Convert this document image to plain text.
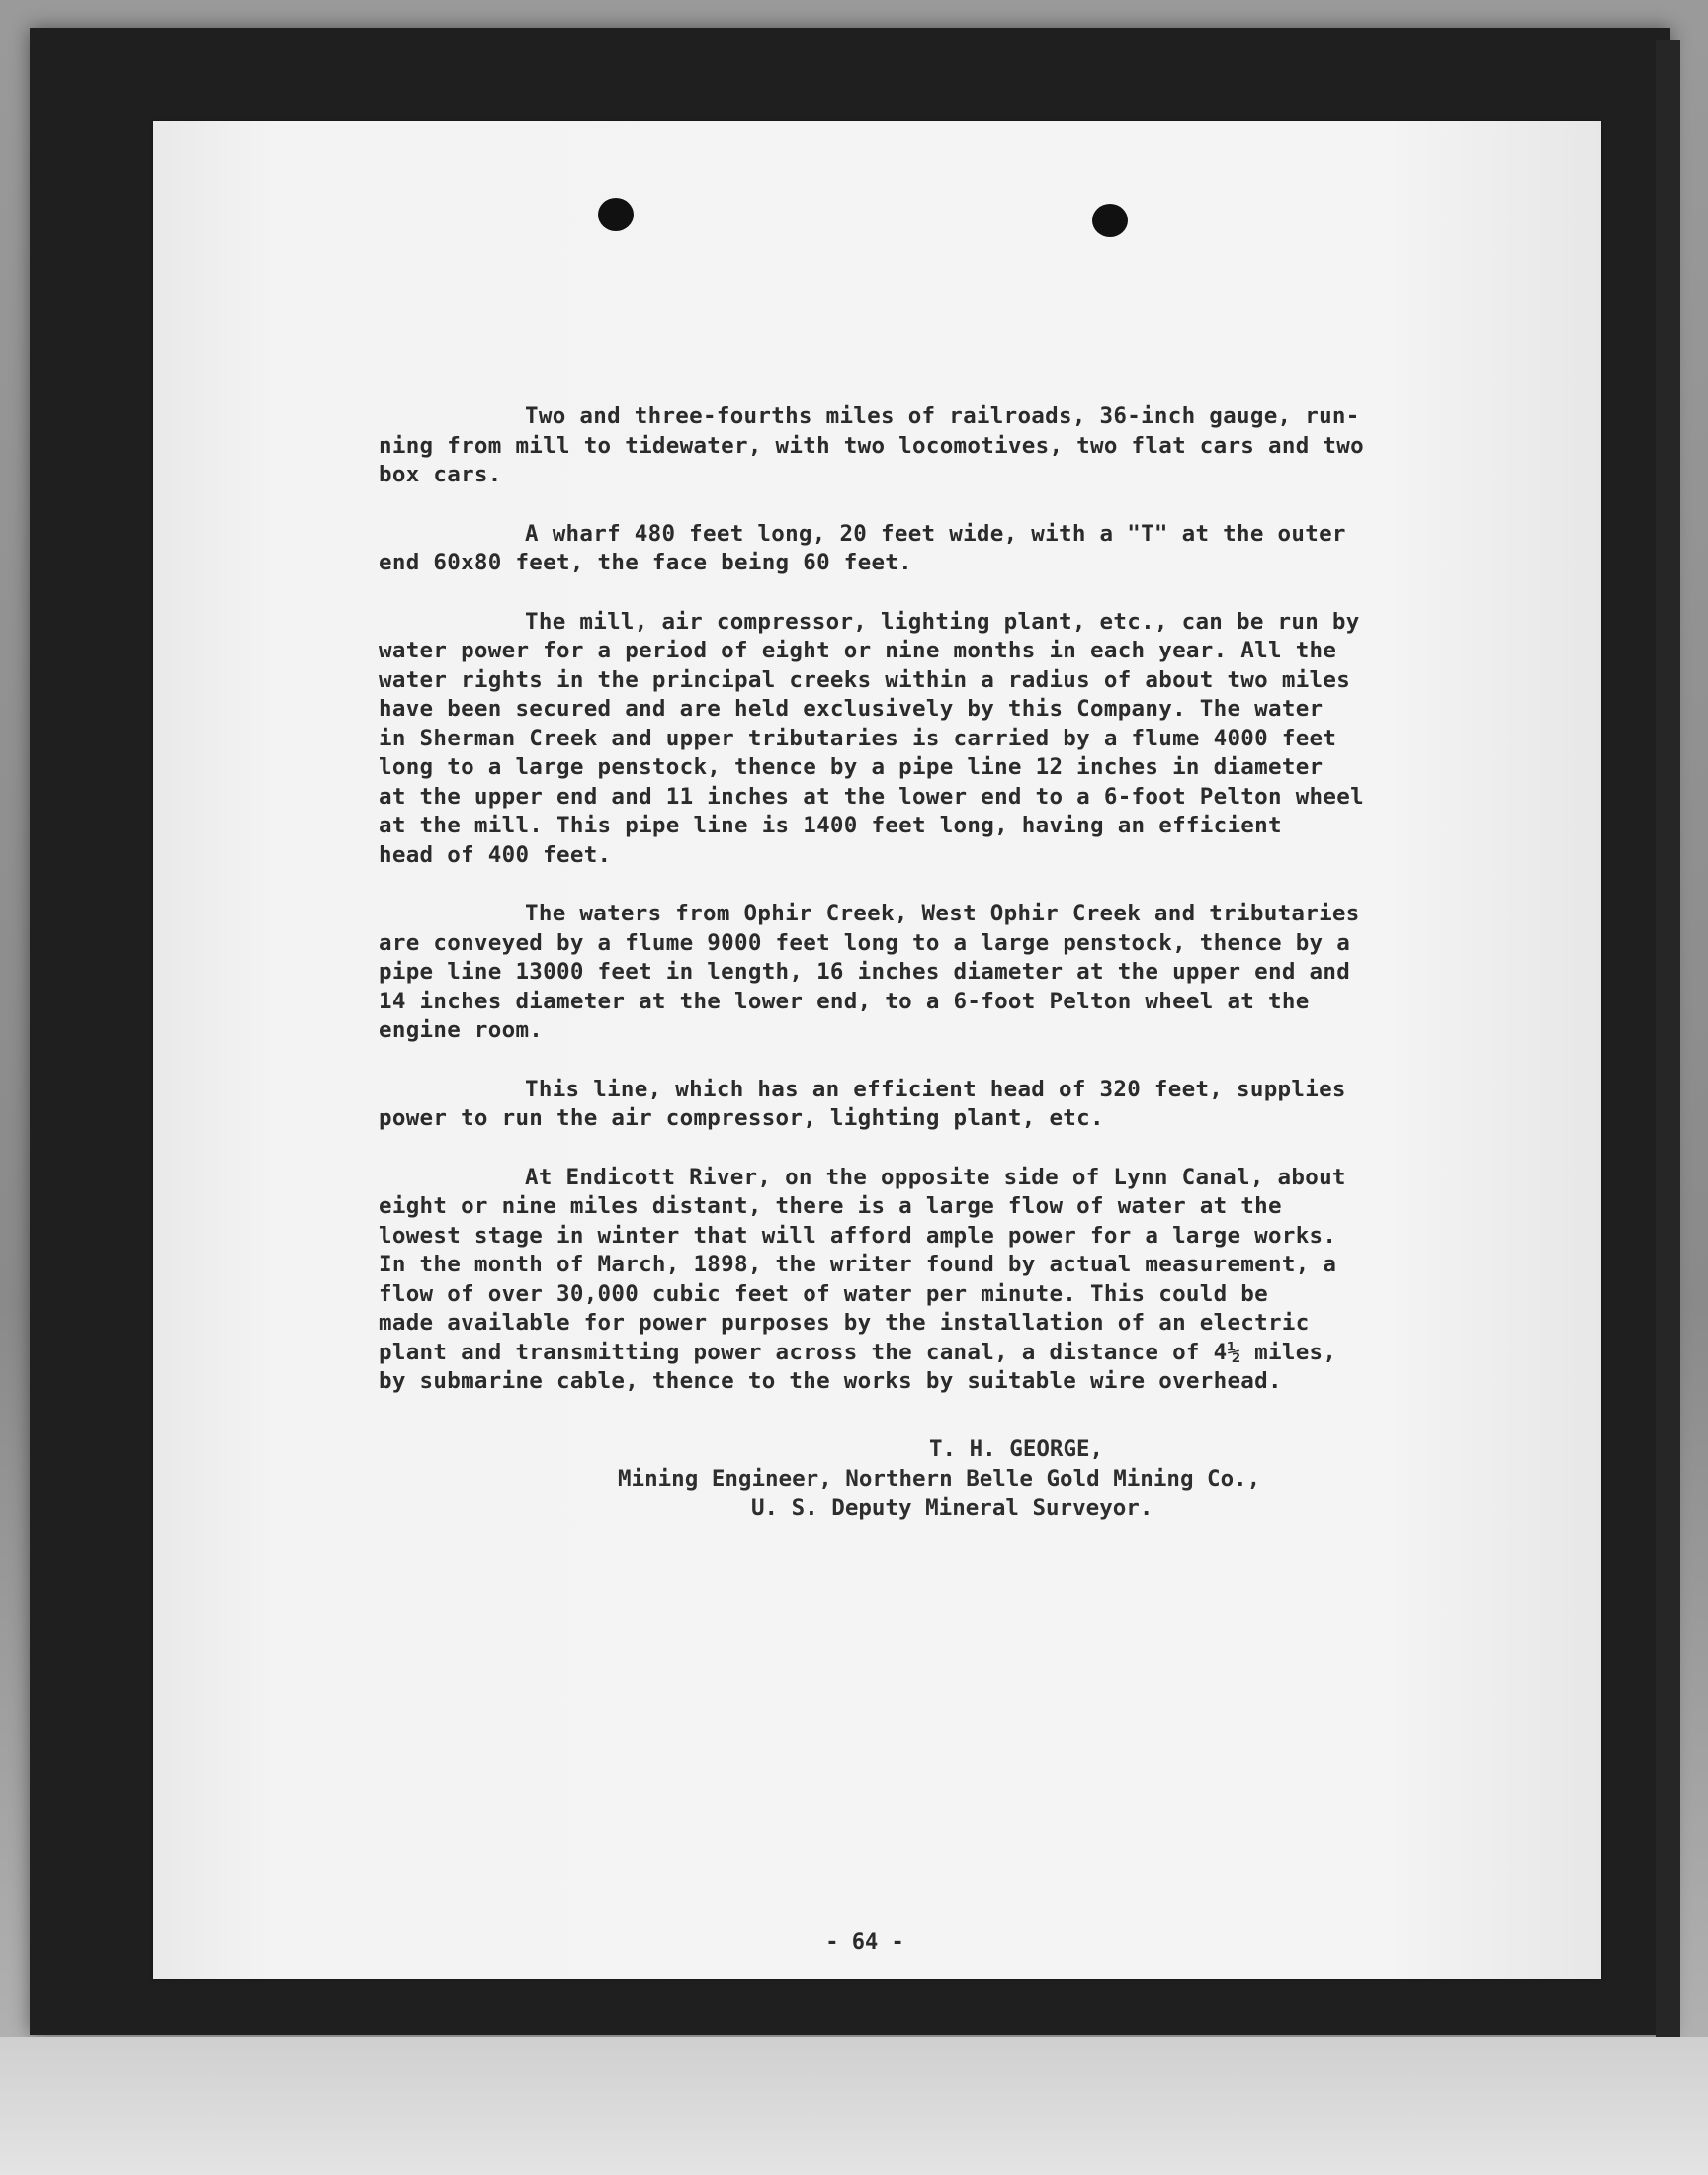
Two and three-fourths miles of railroads, 36-inch gauge, run-
ning from mill to tidewater, with two locomotives, two flat cars and two
box cars.

A wharf 480 feet long, 20 feet wide, with a "T" at the outer
end 60x80 feet, the face being 60 feet.

The mill, air compressor, lighting plant, etc., can be run by
water power for a period of eight or nine months in each year. All the
water rights in the principal creeks within a radius of about two miles
have been secured and are held exclusively by this Company. The water
in Sherman Creek and upper tributaries is carried by a flume 4000 feet
long to a large penstock, thence by a pipe line 12 inches in diameter
at the upper end and 11 inches at the lower end to a 6-foot Pelton wheel
at the mill. This pipe line is 1400 feet long, having an efficient
head of 400 feet.

The waters from Ophir Creek, West Ophir Creek and tributaries
are conveyed by a flume 9000 feet long to a large penstock, thence by a
pipe line 13000 feet in length, 16 inches diameter at the upper end and
14 inches diameter at the lower end, to a 6-foot Pelton wheel at the
engine room.

This line, which has an efficient head of 320 feet, supplies
power to run the air compressor, lighting plant, etc.

At Endicott River, on the opposite side of Lynn Canal, about
eight or nine miles distant, there is a large flow of water at the
lowest stage in winter that will afford ample power for a large works.
In the month of March, 1898, the writer found by actual measurement, a
flow of over 30,000 cubic feet of water per minute. This could be
made available for power purposes by the installation of an electric
plant and transmitting power across the canal, a distance of 4½ miles,
by submarine cable, thence to the works by suitable wire overhead.

T. H. GEORGE,
Mining Engineer, Northern Belle Gold Mining Co.,
U. S. Deputy Mineral Surveyor.
- 64 -
